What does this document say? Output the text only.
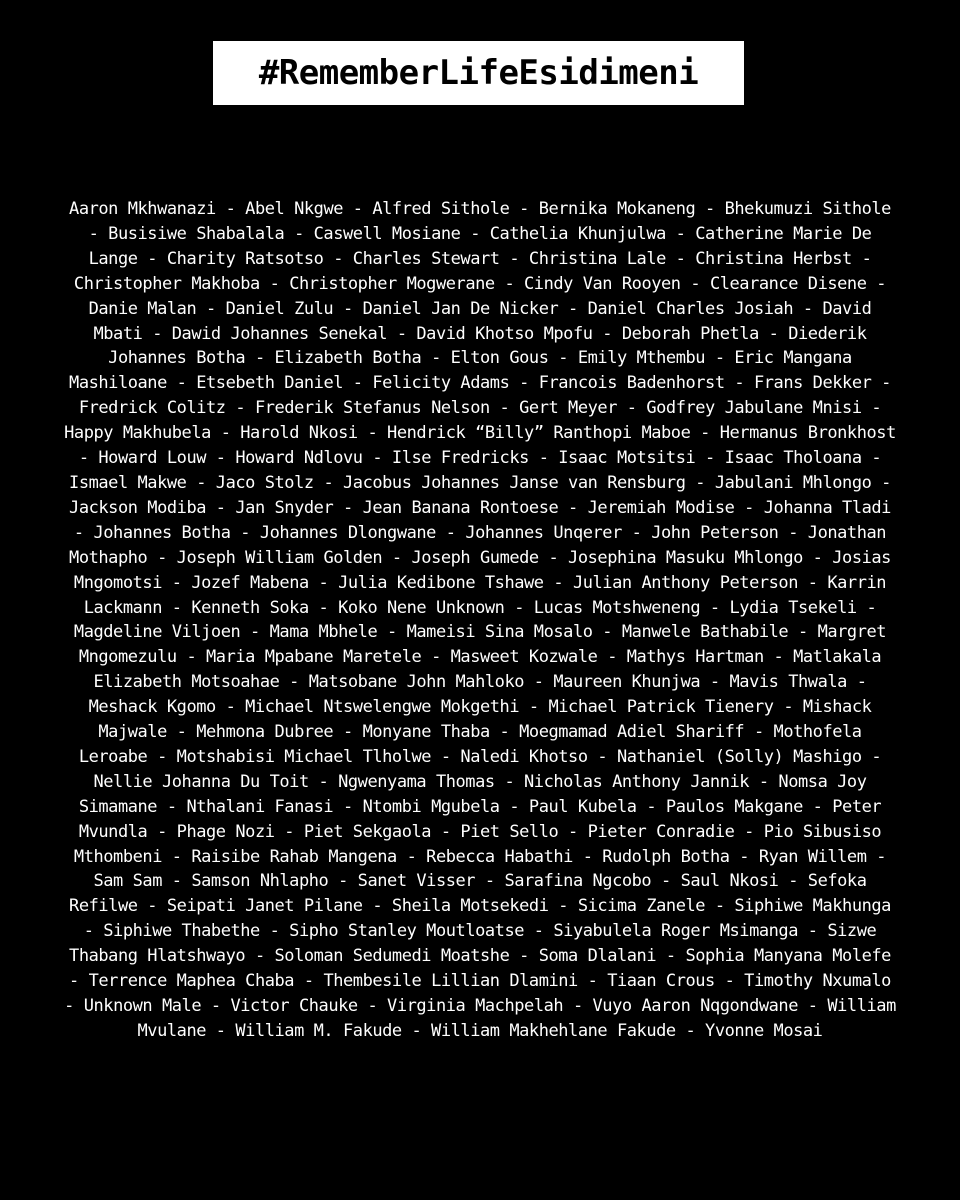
#RememberLifeEsidimeni

Aaron Mkhwanazi - Abel Nkgwe - Alfred Sithole - Bernika Mokaneng - Bhekumuzi Sithole - Busisiwe Shabalala - Caswell Mosiane - Cathelia Khunjulwa - Catherine Marie De Lange - Charity Ratsotso - Charles Stewart - Christina Lale - Christina Herbst - Christopher Makhoba - Christopher Mogwerane - Cindy Van Rooyen - Clearance Disene - Danie Malan - Daniel Zulu - Daniel Jan De Nicker - Daniel Charles Josiah - David Mbati - Dawid Johannes Senekal - David Khotso Mpofu - Deborah Phetla - Diederik Johannes Botha - Elizabeth Botha - Elton Gous - Emily Mthembu - Eric Mangana Mashiloane - Etsebeth Daniel - Felicity Adams - Francois Badenhorst - Frans Dekker - Fredrick Colitz - Frederik Stefanus Nelson - Gert Meyer - Godfrey Jabulane Mnisi - Happy Makhubela - Harold Nkosi - Hendrick “Billy” Ranthopi Maboe - Hermanus Bronkhost - Howard Louw - Howard Ndlovu - Ilse Fredricks - Isaac Motsitsi - Isaac Tholoana - Ismael Makwe - Jaco Stolz - Jacobus Johannes Janse van Rensburg - Jabulani Mhlongo - Jackson Modiba - Jan Snyder - Jean Banana Rontoese - Jeremiah Modise - Johanna Tladi - Johannes Botha - Johannes Dlongwane - Johannes Unqerer - John Peterson - Jonathan Mothapho - Joseph William Golden - Joseph Gumede - Josephina Masuku Mhlongo - Josias Mngomotsi - Jozef Mabena - Julia Kedibone Tshawe - Julian Anthony Peterson - Karrin Lackmann - Kenneth Soka - Koko Nene Unknown - Lucas Motshweneng - Lydia Tsekeli - Magdeline Viljoen - Mama Mbhele - Mameisi Sina Mosalo - Manwele Bathabile - Margret Mngomezulu - Maria Mpabane Maretele - Masweet Kozwale - Mathys Hartman - Matlakala Elizabeth Motsoahae - Matsobane John Mahloko - Maureen Khunjwa - Mavis Thwala - Meshack Kgomo - Michael Ntswelengwe Mokgethi - Michael Patrick Tienery - Mishack Majwale - Mehmona Dubree - Monyane Thaba - Moegmamad Adiel Shariff - Mothofela Leroabe - Motshabisi Michael Tlholwe - Naledi Khotso - Nathaniel (Solly) Mashigo - Nellie Johanna Du Toit - Ngwenyama Thomas - Nicholas Anthony Jannik - Nomsa Joy Simamane - Nthalani Fanasi - Ntombi Mgubela - Paul Kubela - Paulos Makgane - Peter Mvundla - Phage Nozi - Piet Sekgaola - Piet Sello - Pieter Conradie - Pio Sibusiso Mthombeni - Raisibe Rahab Mangena - Rebecca Habathi - Rudolph Botha - Ryan Willem - Sam Sam - Samson Nhlapho - Sanet Visser - Sarafina Ngcobo - Saul Nkosi - Sefoka Refilwe - Seipati Janet Pilane - Sheila Motsekedi - Sicima Zanele - Siphiwe Makhunga - Siphiwe Thabethe - Sipho Stanley Moutloatse - Siyabulela Roger Msimanga - Sizwe Thabang Hlatshwayo - Soloman Sedumedi Moatshe - Soma Dlalani - Sophia Manyana Molefe - Terrence Maphea Chaba - Thembesile Lillian Dlamini - Tiaan Crous - Timothy Nxumalo - Unknown Male - Victor Chauke - Virginia Machpelah - Vuyo Aaron Nqgondwane - William Mvulane - William M. Fakude - William Makhehlane Fakude - Yvonne Mosai
